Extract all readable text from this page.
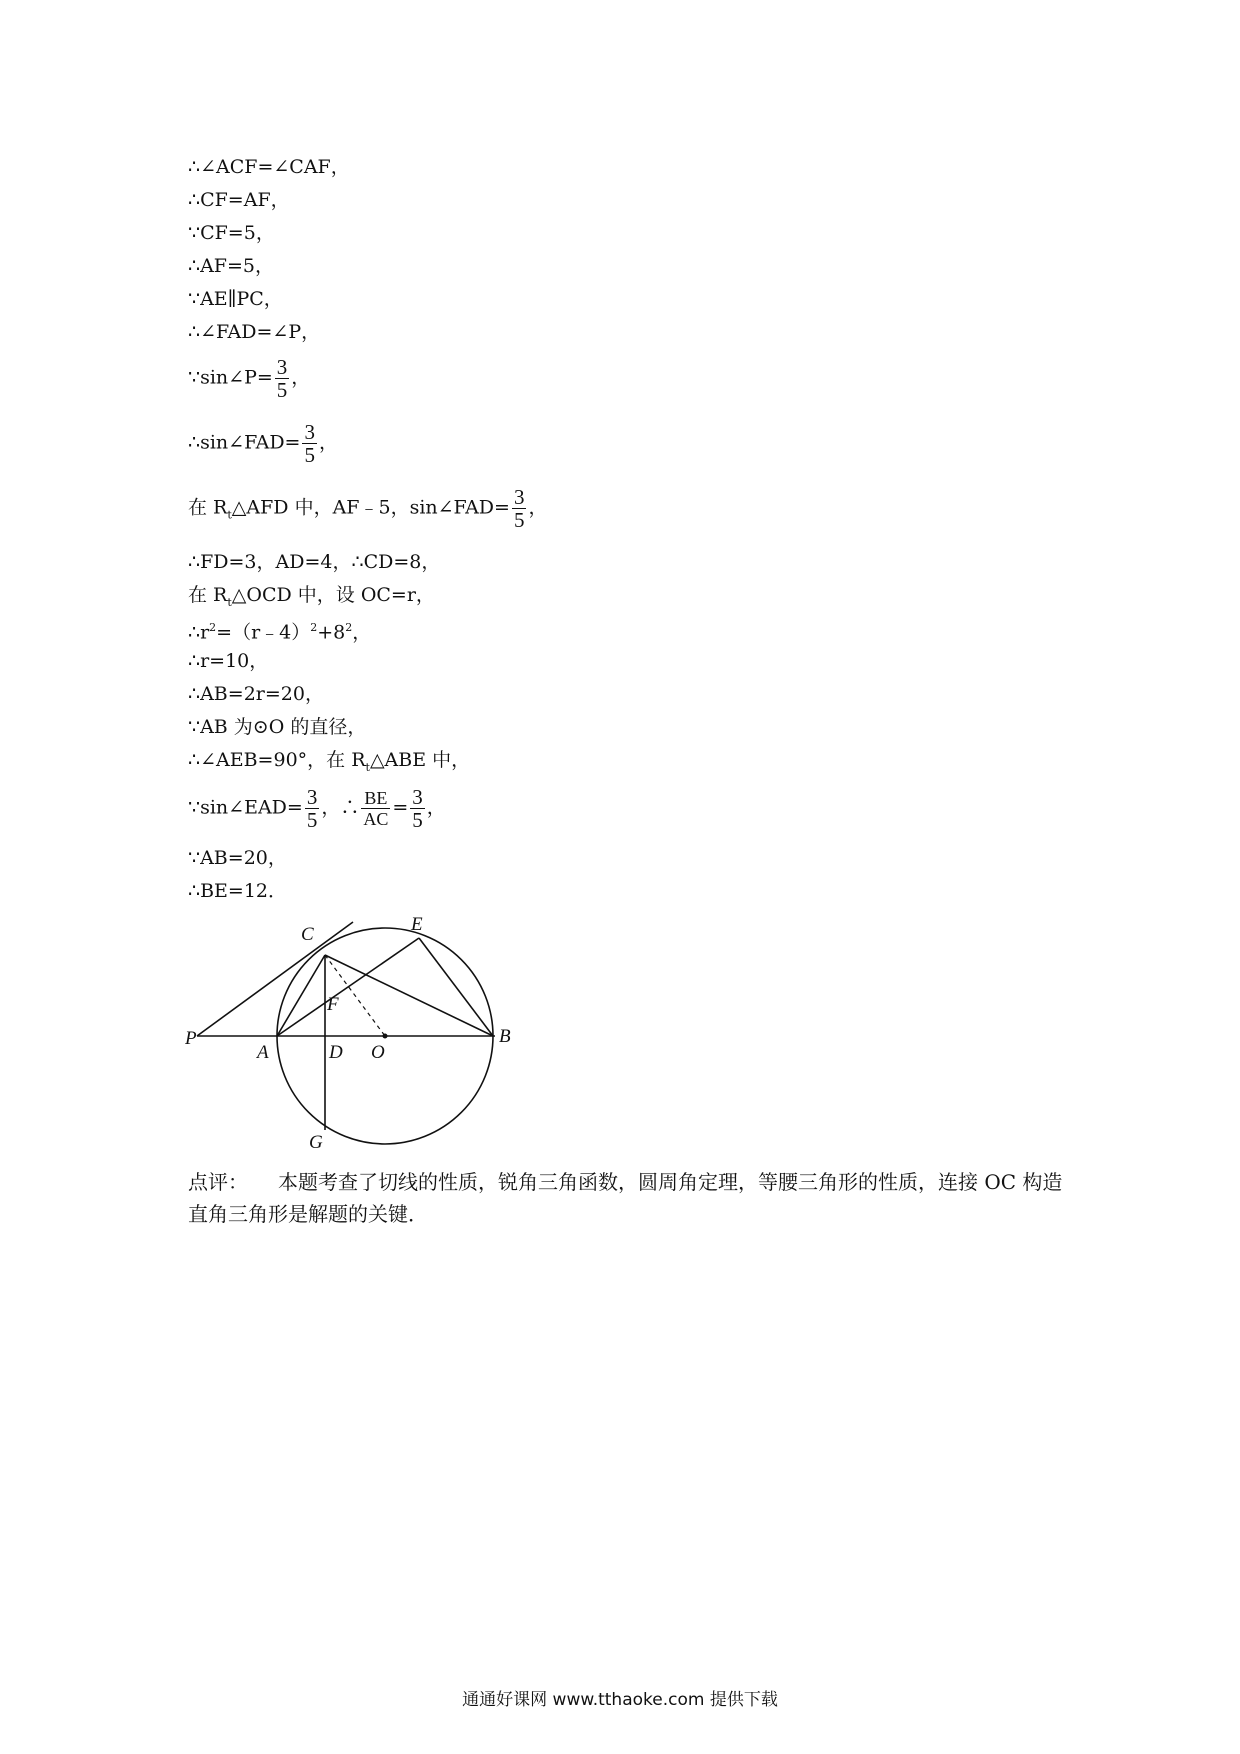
∴∠ACF=∠CAF，
∴CF=AF，
∵CF=5，
∴AF=5，
∵AE∥PC，
∴∠FAD=∠P，
∵sin∠P= $\frac{3}{5}$ ，
∴sin∠FAD= $\frac{3}{5}$ ，
在 $R_t\triangle AFD$ 中，AF﹣5，sin∠FAD= $\frac{3}{5}$ ，
∴FD=3，AD=4，∴CD=8，
在 $R_t\triangle OCD$ 中，设 OC=r，
$\therefore r^2=(r﹣4)^2+8^2$，
∴r=10，
∴AB=2r=20，
∵AB 为⊙O 的直径，
∴∠AEB=90°，在 $R_t\triangle ABE$ 中，
∵sin∠EAD= $\frac{3}{5}$ ，∴ $\frac{BE}{AC} = \frac{3}{5}$ ，
∵AB=20，
∴BE=12．
C	E
F
P
A	D O
B
G
点评： 本题考查了切线的性质，锐角三角函数，圆周角定理，等腰三角形的性质，连接 OC 构造直角三角形是解题的关键．
通通好课网 www.tthaoke.com 提供下载
